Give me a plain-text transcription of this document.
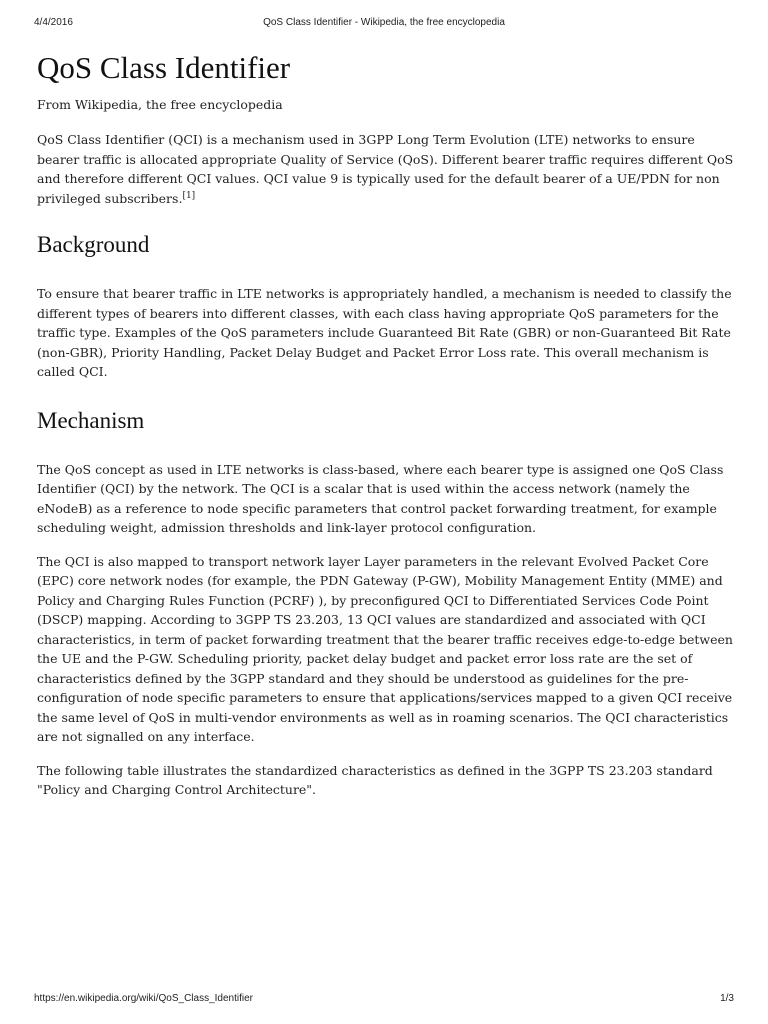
4/4/2016	QoS Class Identifier - Wikipedia, the free encyclopedia
QoS Class Identifier
From Wikipedia, the free encyclopedia

QoS Class Identifier (QCI) is a mechanism used in 3GPP Long Term Evolution (LTE) networks to ensure bearer traffic is allocated appropriate Quality of Service (QoS). Different bearer traffic requires different QoS and therefore different QCI values. QCI value 9 is typically used for the default bearer of a UE/PDN for non privileged subscribers.[1]

Background

To ensure that bearer traffic in LTE networks is appropriately handled, a mechanism is needed to classify the different types of bearers into different classes, with each class having appropriate QoS parameters for the traffic type. Examples of the QoS parameters include Guaranteed Bit Rate (GBR) or non-Guaranteed Bit Rate (non-GBR), Priority Handling, Packet Delay Budget and Packet Error Loss rate. This overall mechanism is called QCI.

Mechanism

The QoS concept as used in LTE networks is class-based, where each bearer type is assigned one QoS Class Identifier (QCI) by the network. The QCI is a scalar that is used within the access network (namely the eNodeB) as a reference to node specific parameters that control packet forwarding treatment, for example scheduling weight, admission thresholds and link-layer protocol configuration.

The QCI is also mapped to transport network layer Layer parameters in the relevant Evolved Packet Core (EPC) core network nodes (for example, the PDN Gateway (P-GW), Mobility Management Entity (MME) and Policy and Charging Rules Function (PCRF) ), by preconfigured QCI to Differentiated Services Code Point (DSCP) mapping. According to 3GPP TS 23.203, 13 QCI values are standardized and associated with QCI characteristics, in term of packet forwarding treatment that the bearer traffic receives edge-to-edge between the UE and the P-GW. Scheduling priority, packet delay budget and packet error loss rate are the set of characteristics defined by the 3GPP standard and they should be understood as guidelines for the pre-configuration of node specific parameters to ensure that applications/services mapped to a given QCI receive the same level of QoS in multi-vendor environments as well as in roaming scenarios. The QCI characteristics are not signalled on any interface.

The following table illustrates the standardized characteristics as defined in the 3GPP TS 23.203 standard "Policy and Charging Control Architecture".

https://en.wikipedia.org/wiki/QoS_Class_Identifier	1/3
